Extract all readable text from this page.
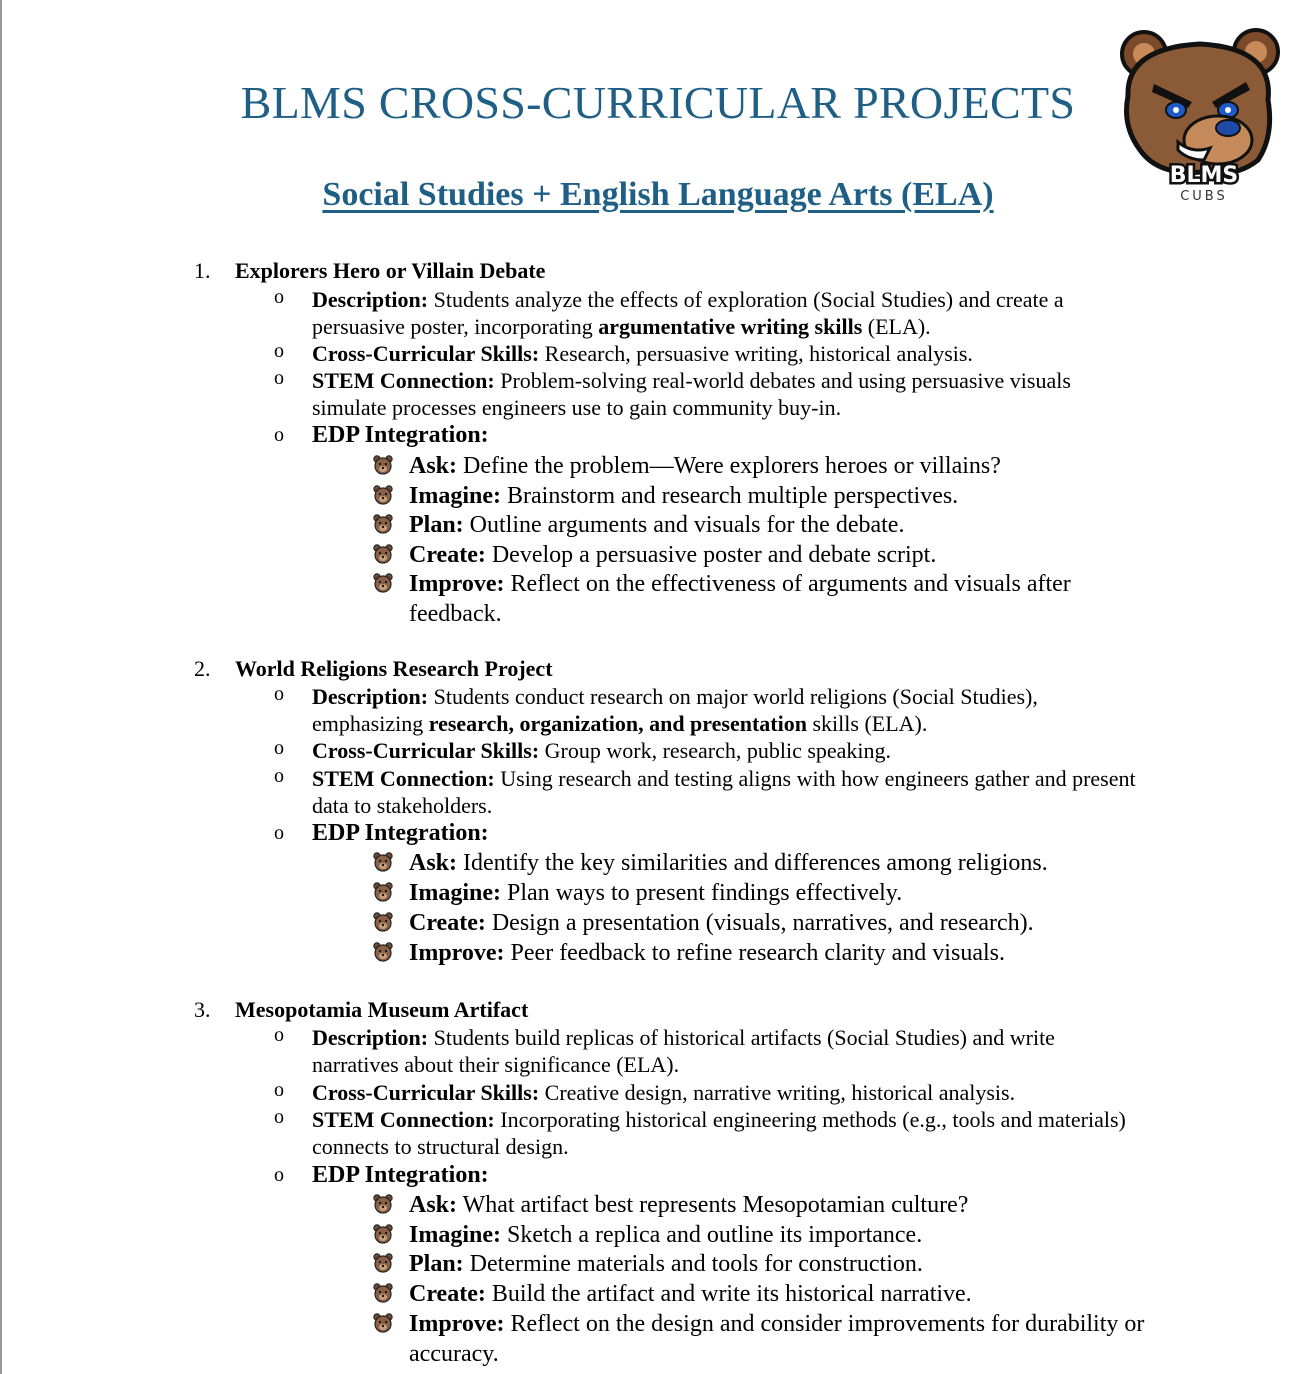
BLMS CROSS-CURRICULAR PROJECTS
Social Studies + English Language Arts (ELA)
BLMS
CUBS
1. Explorers Hero or Villain Debate
o Description: Students analyze the effects of exploration (Social Studies) and create a persuasive poster, incorporating argumentative writing skills (ELA).
o Cross-Curricular Skills: Research, persuasive writing, historical analysis.
o STEM Connection: Problem-solving real-world debates and using persuasive visuals simulate processes engineers use to gain community buy-in.
o EDP Integration:
Ask: Define the problem—Were explorers heroes or villains?
Imagine: Brainstorm and research multiple perspectives.
Plan: Outline arguments and visuals for the debate.
Create: Develop a persuasive poster and debate script.
Improve: Reflect on the effectiveness of arguments and visuals after feedback.
2. World Religions Research Project
o Description: Students conduct research on major world religions (Social Studies), emphasizing research, organization, and presentation skills (ELA).
o Cross-Curricular Skills: Group work, research, public speaking.
o STEM Connection: Using research and testing aligns with how engineers gather and present data to stakeholders.
o EDP Integration:
Ask: Identify the key similarities and differences among religions.
Imagine: Plan ways to present findings effectively.
Create: Design a presentation (visuals, narratives, and research).
Improve: Peer feedback to refine research clarity and visuals.
3. Mesopotamia Museum Artifact
o Description: Students build replicas of historical artifacts (Social Studies) and write narratives about their significance (ELA).
o Cross-Curricular Skills: Creative design, narrative writing, historical analysis.
o STEM Connection: Incorporating historical engineering methods (e.g., tools and materials) connects to structural design.
o EDP Integration:
Ask: What artifact best represents Mesopotamian culture?
Imagine: Sketch a replica and outline its importance.
Plan: Determine materials and tools for construction.
Create: Build the artifact and write its historical narrative.
Improve: Reflect on the design and consider improvements for durability or accuracy.
